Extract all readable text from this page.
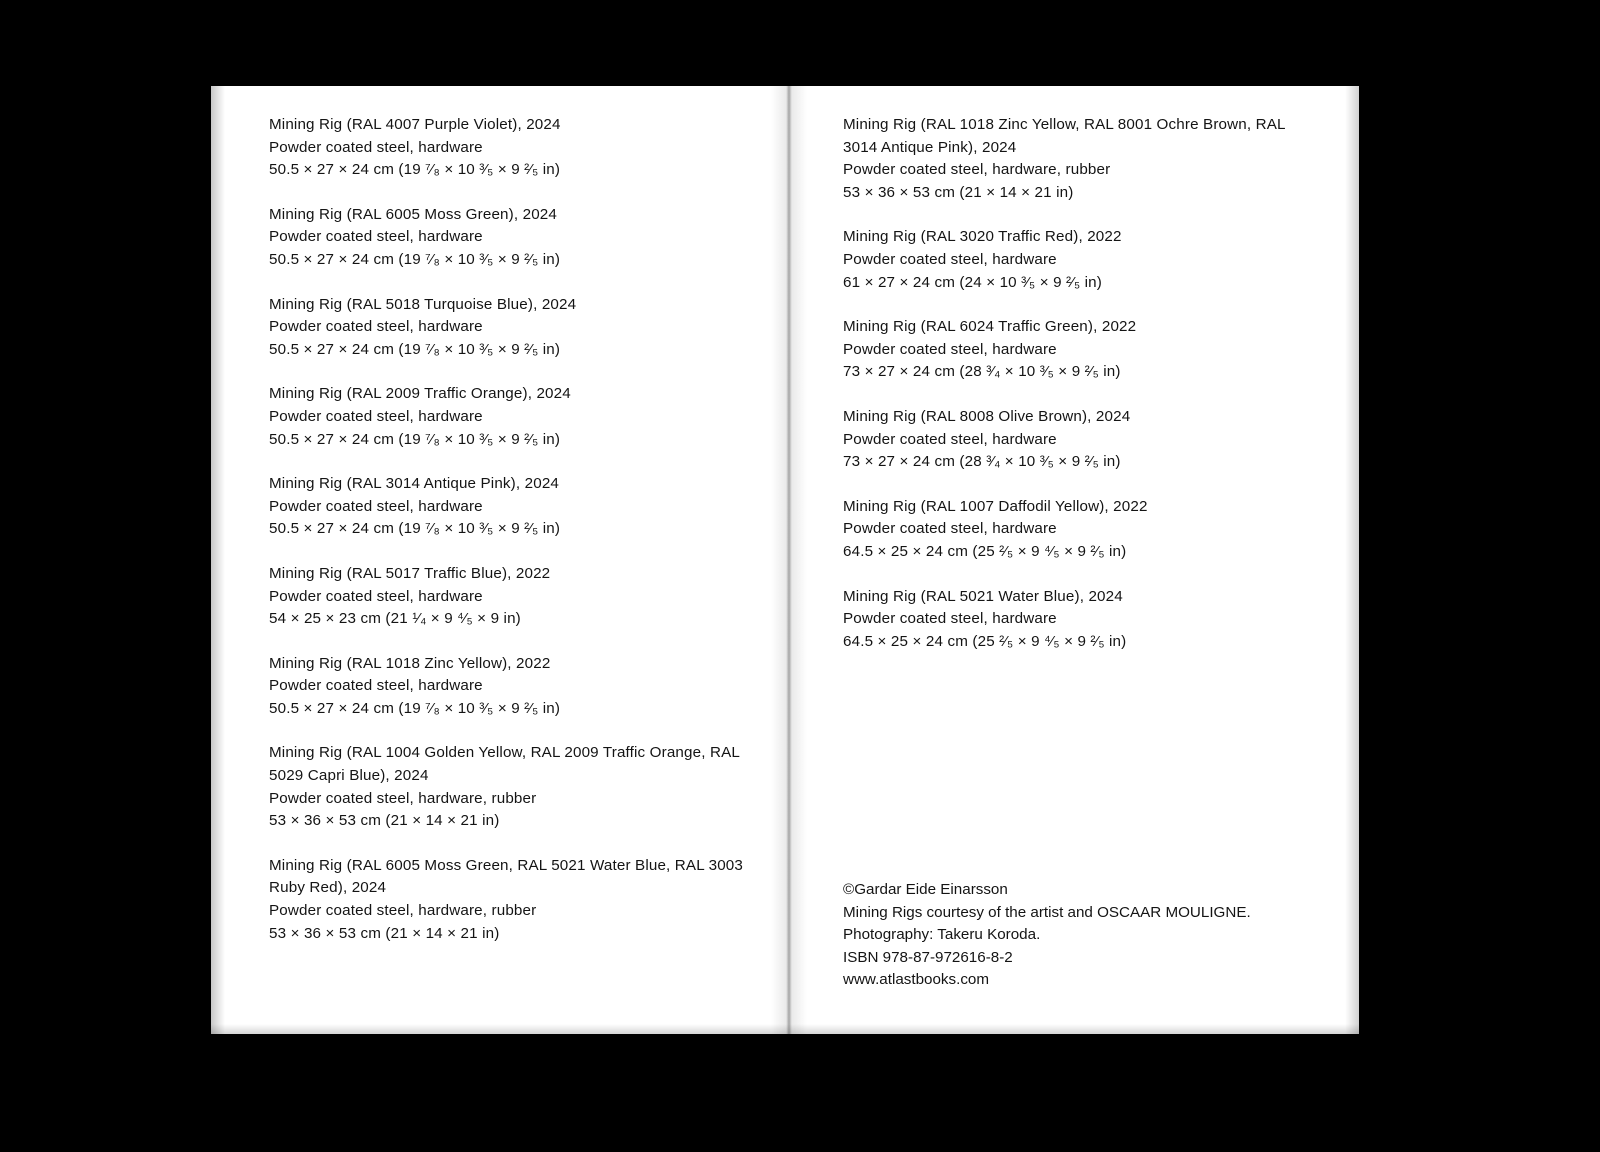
Mining Rig (RAL 4007 Purple Violet), 2024
Powder coated steel, hardware
50.5 × 27 × 24 cm (19 ⁷⁄₈ × 10 ³⁄₅ × 9 ²⁄₅ in)
Mining Rig (RAL 6005 Moss Green), 2024
Powder coated steel, hardware
50.5 × 27 × 24 cm (19 ⁷⁄₈ × 10 ³⁄₅ × 9 ²⁄₅ in)
Mining Rig (RAL 5018 Turquoise Blue), 2024
Powder coated steel, hardware
50.5 × 27 × 24 cm (19 ⁷⁄₈ × 10 ³⁄₅ × 9 ²⁄₅ in)
Mining Rig (RAL 2009 Traffic Orange), 2024
Powder coated steel, hardware
50.5 × 27 × 24 cm (19 ⁷⁄₈ × 10 ³⁄₅ × 9 ²⁄₅ in)
Mining Rig (RAL 3014 Antique Pink), 2024
Powder coated steel, hardware
50.5 × 27 × 24 cm (19 ⁷⁄₈ × 10 ³⁄₅ × 9 ²⁄₅ in)
Mining Rig (RAL 5017 Traffic Blue), 2022
Powder coated steel, hardware
54 × 25 × 23 cm (21 ¹⁄₄ × 9 ⁴⁄₅ × 9 in)
Mining Rig (RAL 1018 Zinc Yellow), 2022
Powder coated steel, hardware
50.5 × 27 × 24 cm (19 ⁷⁄₈ × 10 ³⁄₅ × 9 ²⁄₅ in)
Mining Rig (RAL 1004 Golden Yellow, RAL 2009 Traffic Orange, RAL 5029 Capri Blue), 2024
Powder coated steel, hardware, rubber
53 × 36 × 53 cm (21 × 14 × 21 in)
Mining Rig (RAL 6005 Moss Green, RAL 5021 Water Blue, RAL 3003 Ruby Red), 2024
Powder coated steel, hardware, rubber
53 × 36 × 53 cm (21 × 14 × 21 in)
Mining Rig (RAL 1018 Zinc Yellow, RAL 8001 Ochre Brown, RAL 3014 Antique Pink), 2024
Powder coated steel, hardware, rubber
53 × 36 × 53 cm (21 × 14 × 21 in)
Mining Rig (RAL 3020 Traffic Red), 2022
Powder coated steel, hardware
61 × 27 × 24 cm (24 × 10 ³⁄₅ × 9 ²⁄₅ in)
Mining Rig (RAL 6024 Traffic Green), 2022
Powder coated steel, hardware
73 × 27 × 24 cm (28 ³⁄₄ × 10 ³⁄₅ × 9 ²⁄₅ in)
Mining Rig (RAL 8008 Olive Brown), 2024
Powder coated steel, hardware
73 × 27 × 24 cm (28 ³⁄₄ × 10 ³⁄₅ × 9 ²⁄₅ in)
Mining Rig (RAL 1007 Daffodil Yellow), 2022
Powder coated steel, hardware
64.5 × 25 × 24 cm (25 ²⁄₅ × 9 ⁴⁄₅ × 9 ²⁄₅ in)
Mining Rig (RAL 5021 Water Blue), 2024
Powder coated steel, hardware
64.5 × 25 × 24 cm (25 ²⁄₅ × 9 ⁴⁄₅ × 9 ²⁄₅ in)
©Gardar Eide Einarsson
Mining Rigs courtesy of the artist and OSCAAR MOULIGNE.
Photography: Takeru Koroda.
ISBN 978-87-972616-8-2
www.atlastbooks.com
